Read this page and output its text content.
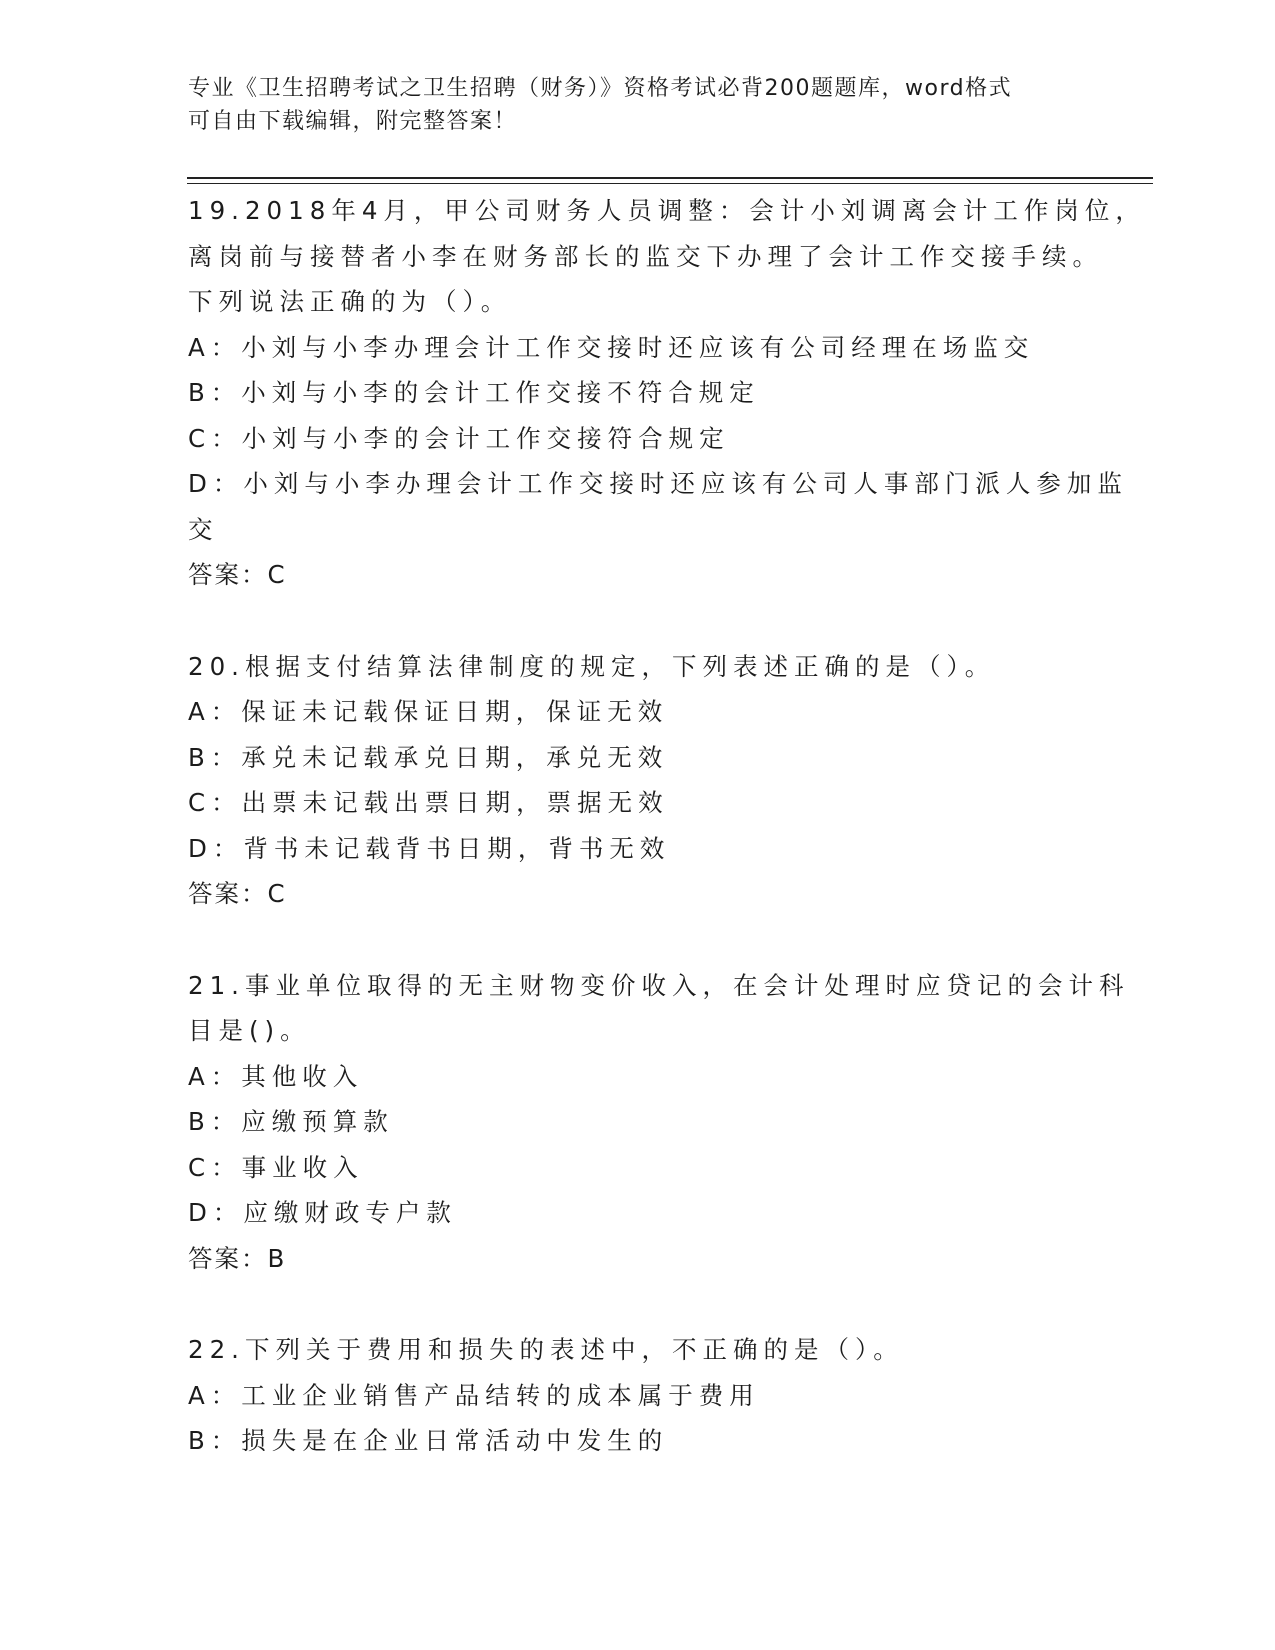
专业《卫生招聘考试之卫生招聘（财务）》资格考试必背200题题库，word格式
可自由下载编辑，附完整答案！
19.2018年4月，甲公司财务人员调整：会计小刘调离会计工作岗位，
离岗前与接替者小李在财务部长的监交下办理了会计工作交接手续。
下列说法正确的为（）。
A：小刘与小李办理会计工作交接时还应该有公司经理在场监交
B：小刘与小李的会计工作交接不符合规定
C：小刘与小李的会计工作交接符合规定
D：小刘与小李办理会计工作交接时还应该有公司人事部门派人参加监
交
答案：C
20.根据支付结算法律制度的规定，下列表述正确的是（）。
A：保证未记载保证日期，保证无效
B：承兑未记载承兑日期，承兑无效
C：出票未记载出票日期，票据无效
D：背书未记载背书日期，背书无效
答案：C
21.事业单位取得的无主财物变价收入，在会计处理时应贷记的会计科
目是()。
A：其他收入
B：应缴预算款
C：事业收入
D：应缴财政专户款
答案：B
22.下列关于费用和损失的表述中，不正确的是（）。
A：工业企业销售产品结转的成本属于费用
B：损失是在企业日常活动中发生的
